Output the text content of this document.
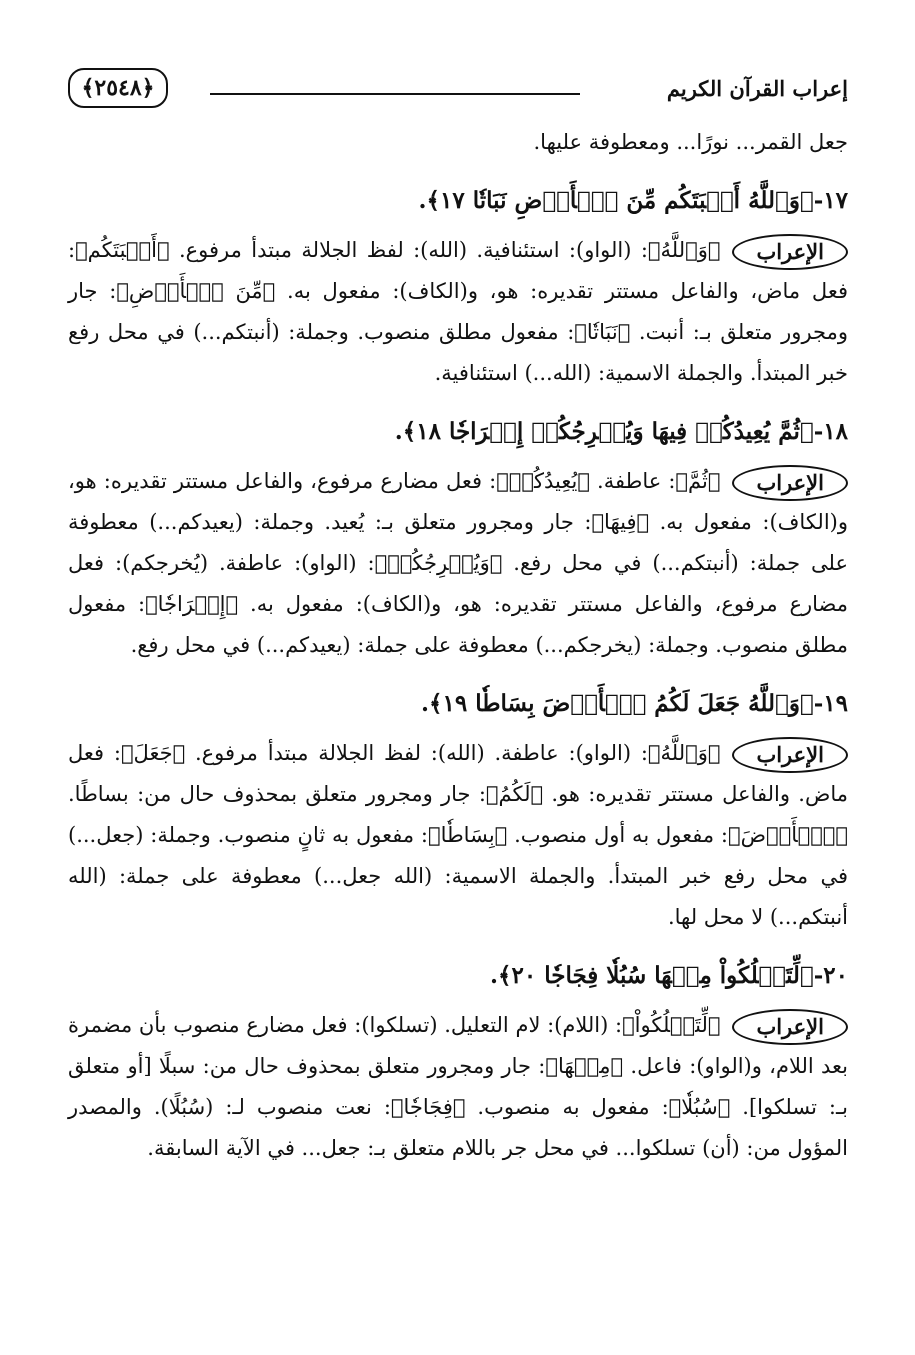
إعراب القرآن الكريم
﴿٢٥٤٨﴾

جعل القمر... نورًا... ومعطوفة عليها.

١٧-﴿وَٱللَّهُ أَنۢبَتَكُم مِّنَ ٱلۡأَرۡضِ نَبَاتٗا ١٧﴾.

الإعراب﴿وَٱللَّهُ﴾: (الواو): استئنافية. (الله): لفظ الجلالة مبتدأ مرفوع. ﴿أَنۢبَتَكُم﴾: فعل ماض، والفاعل مستتر تقديره: هو، و(الكاف): مفعول به. ﴿مِّنَ ٱلۡأَرۡضِ﴾: جار ومجرور متعلق بـ: أنبت. ﴿نَبَاتٗا﴾: مفعول مطلق منصوب. وجملة: (أنبتكم...) في محل رفع خبر المبتدأ. والجملة الاسمية: (الله...) استئنافية.

١٨-﴿ثُمَّ يُعِيدُكُمۡ فِيهَا وَيُخۡرِجُكُمۡ إِخۡرَاجٗا ١٨﴾.

الإعراب﴿ثُمَّ﴾: عاطفة. ﴿يُعِيدُكُمۡ﴾: فعل مضارع مرفوع، والفاعل مستتر تقديره: هو، و(الكاف): مفعول به. ﴿فِيهَا﴾: جار ومجرور متعلق بـ: يُعيد. وجملة: (يعيدكم...) معطوفة على جملة: (أنبتكم...) في محل رفع. ﴿وَيُخۡرِجُكُمۡ﴾: (الواو): عاطفة. (يُخرجكم): فعل مضارع مرفوع، والفاعل مستتر تقديره: هو، و(الكاف): مفعول به. ﴿إِخۡرَاجٗا﴾: مفعول مطلق منصوب. وجملة: (يخرجكم...) معطوفة على جملة: (يعيدكم...) في محل رفع.

١٩-﴿وَٱللَّهُ جَعَلَ لَكُمُ ٱلۡأَرۡضَ بِسَاطٗا ١٩﴾.

الإعراب﴿وَٱللَّهُ﴾: (الواو): عاطفة. (الله): لفظ الجلالة مبتدأ مرفوع. ﴿جَعَلَ﴾: فعل ماض. والفاعل مستتر تقديره: هو. ﴿لَكُمُ﴾: جار ومجرور متعلق بمحذوف حال من: بساطًا. ﴿ٱلۡأَرۡضَ﴾: مفعول به أول منصوب. ﴿بِسَاطٗا﴾: مفعول به ثانٍ منصوب. وجملة: (جعل...) في محل رفع خبر المبتدأ. والجملة الاسمية: (الله جعل...) معطوفة على جملة: (الله أنبتكم...) لا محل لها.

٢٠-﴿لِّتَسۡلُكُواْ مِنۡهَا سُبُلٗا فِجَاجٗا ٢٠﴾.

الإعراب﴿لِّتَسۡلُكُواْ﴾: (اللام): لام التعليل. (تسلكوا): فعل مضارع منصوب بأن مضمرة بعد اللام، و(الواو): فاعل. ﴿مِنۡهَا﴾: جار ومجرور متعلق بمحذوف حال من: سبلًا [أو متعلق بـ: تسلكوا]. ﴿سُبُلٗا﴾: مفعول به منصوب. ﴿فِجَاجٗا﴾: نعت منصوب لـ: (سُبُلًا). والمصدر المؤول من: (أن) تسلكوا... في محل جر باللام متعلق بـ: جعل... في الآية السابقة.
